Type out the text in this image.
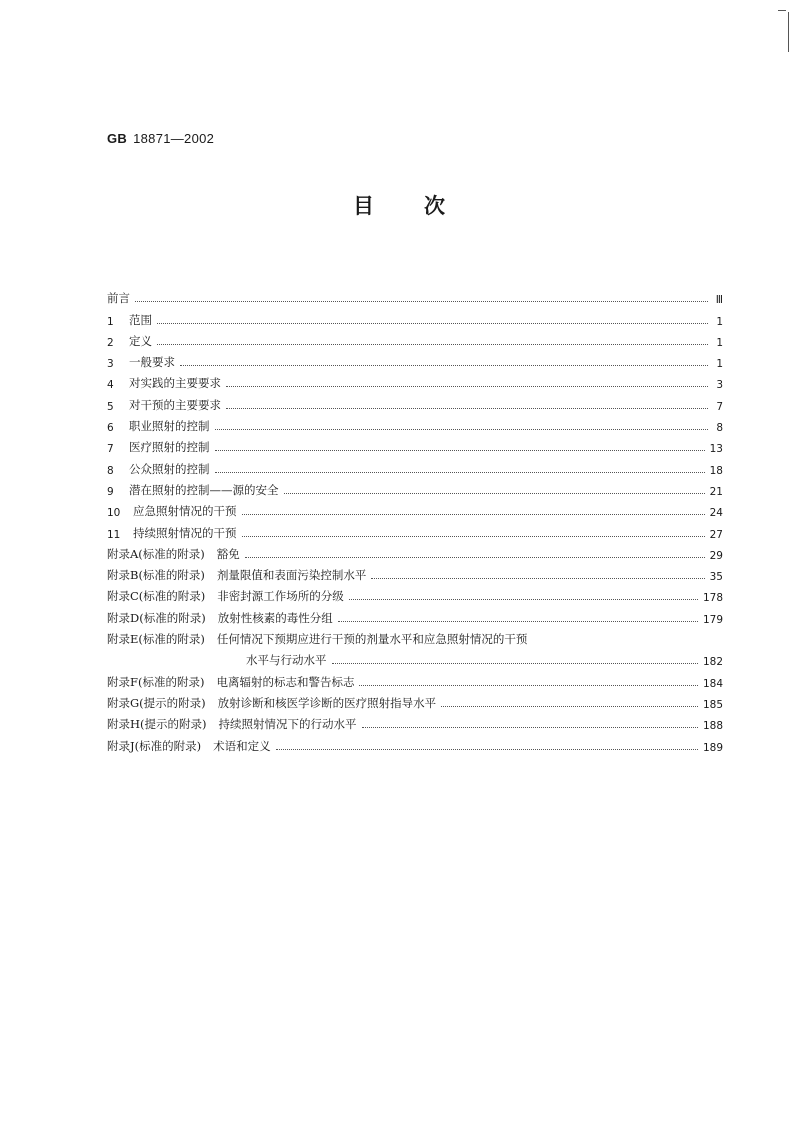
GB 18871—2002
目 次
前言	Ⅲ
1	范围	1
2	定义	1
3	一般要求	1
4	对实践的主要要求	3
5	对干预的主要要求	7
6	职业照射的控制	8
7	医疗照射的控制	13
8	公众照射的控制	18
9	潜在照射的控制——源的安全	21
10	应急照射情况的干预	24
11	持续照射情况的干预	27
附录A(标准的附录) 豁免	29
附录B(标准的附录) 剂量限值和表面污染控制水平	35
附录C(标准的附录) 非密封源工作场所的分级	178
附录D(标准的附录) 放射性核素的毒性分组	179
附录E(标准的附录) 任何情况下预期应进行干预的剂量水平和应急照射情况的干预
水平与行动水平	182
附录F(标准的附录) 电离辐射的标志和警告标志	184
附录G(提示的附录) 放射诊断和核医学诊断的医疗照射指导水平	185
附录H(提示的附录) 持续照射情况下的行动水平	188
附录J(标准的附录) 术语和定义	189
